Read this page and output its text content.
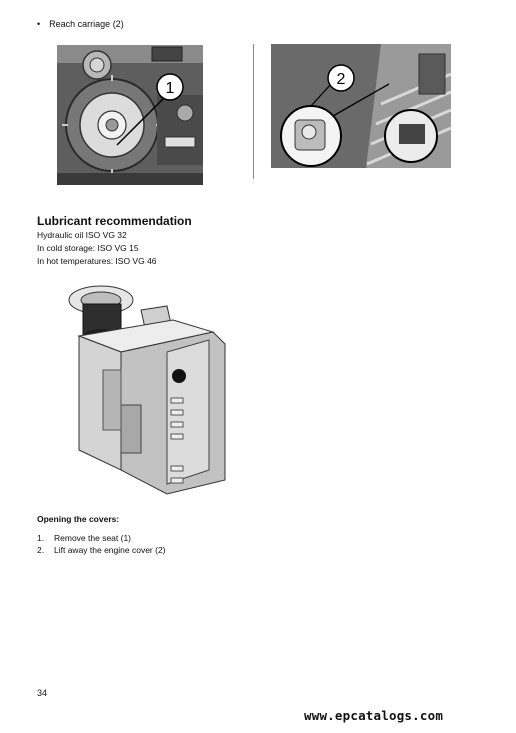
• Reach carriage (2)
1
2
Lubricant recommendation
Hydraulic oil ISO VG 32
In cold storage: ISO VG 15
In hot temperatures: ISO VG 46
Opening the covers:
1.	Remove the seat (1)
2.	Lift away the engine cover (2)
34
www.epcatalogs.com
